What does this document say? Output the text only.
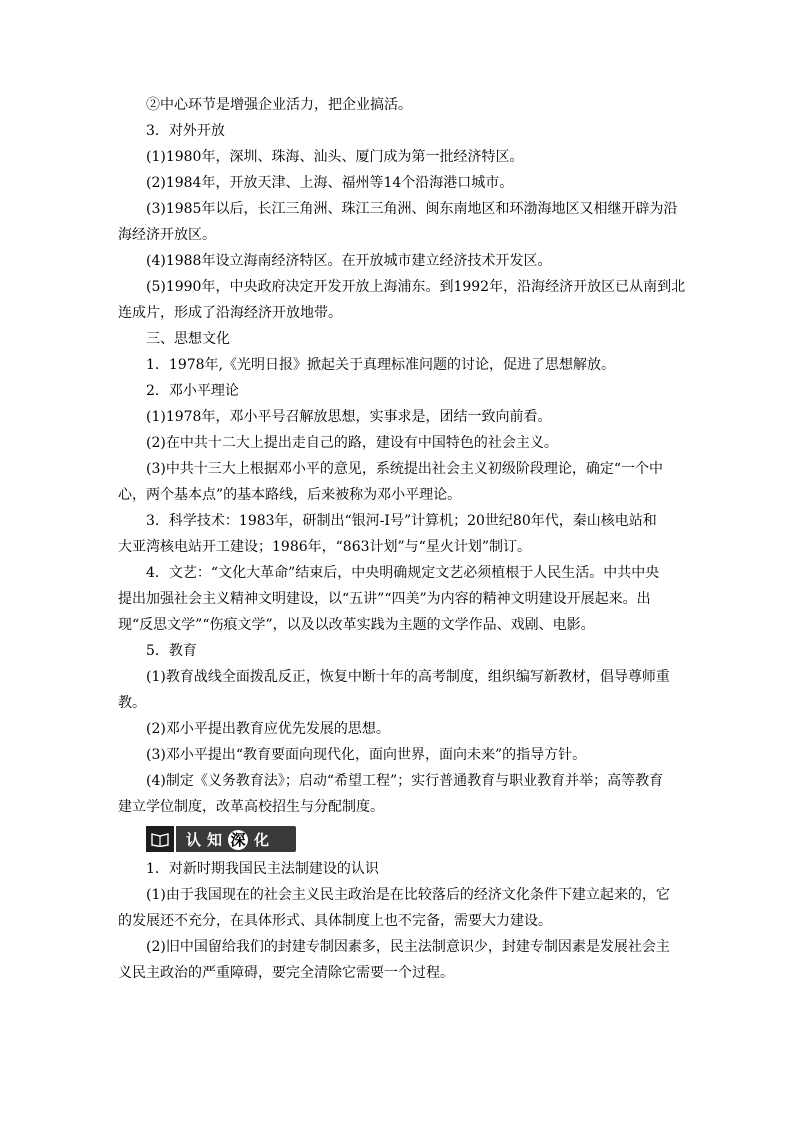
②中心环节是增强企业活力，把企业搞活。
3．对外开放
(1)1980年，深圳、珠海、汕头、厦门成为第一批经济特区。
(2)1984年，开放天津、上海、福州等14个沿海港口城市。
(3)1985年以后，长江三角洲、珠江三角洲、闽东南地区和环渤海地区又相继开辟为沿
海经济开放区。
(4)1988年设立海南经济特区。在开放城市建立经济技术开发区。
(5)1990年，中央政府决定开发开放上海浦东。到1992年，沿海经济开放区已从南到北
连成片，形成了沿海经济开放地带。
三、思想文化
1．1978年,《光明日报》掀起关于真理标准问题的讨论，促进了思想解放。
2．邓小平理论
(1)1978年，邓小平号召解放思想，实事求是，团结一致向前看。
(2)在中共十二大上提出走自己的路，建设有中国特色的社会主义。
(3)中共十三大上根据邓小平的意见，系统提出社会主义初级阶段理论，确定“一个中
心，两个基本点”的基本路线，后来被称为邓小平理论。
3．科学技术：1983年，研制出“银河-Ⅰ号”计算机；20世纪80年代，秦山核电站和
大亚湾核电站开工建设；1986年，“863计划”与“星火计划”制订。
4．文艺：“文化大革命”结束后，中央明确规定文艺必须植根于人民生活。中共中央
提出加强社会主义精神文明建设，以“五讲”“四美”为内容的精神文明建设开展起来。出
现“反思文学”“伤痕文学”，以及以改革实践为主题的文学作品、戏剧、电影。
5．教育
(1)教育战线全面拨乱反正，恢复中断十年的高考制度，组织编写新教材，倡导尊师重
教。
(2)邓小平提出教育应优先发展的思想。
(3)邓小平提出“教育要面向现代化，面向世界，面向未来”的指导方针。
(4)制定《义务教育法》；启动“希望工程”；实行普通教育与职业教育并举；高等教育
建立学位制度，改革高校招生与分配制度。
认知 深 化
1．对新时期我国民主法制建设的认识
(1)由于我国现在的社会主义民主政治是在比较落后的经济文化条件下建立起来的，它
的发展还不充分，在具体形式、具体制度上也不完备，需要大力建设。
(2)旧中国留给我们的封建专制因素多，民主法制意识少，封建专制因素是发展社会主
义民主政治的严重障碍，要完全清除它需要一个过程。
